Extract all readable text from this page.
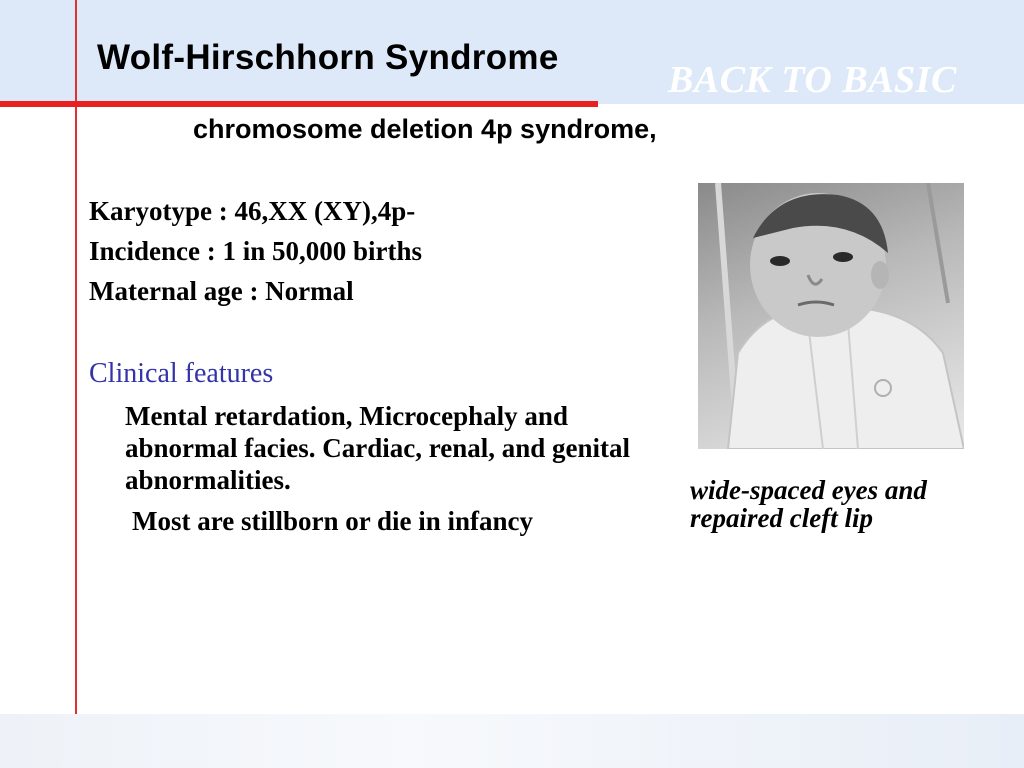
Wolf-Hirschhorn Syndrome
BACK TO BASIC
chromosome deletion 4p syndrome,
Karyotype : 46,XX (XY),4p-
Incidence : 1 in 50,000 births
Maternal age : Normal
Clinical features
Mental retardation, Microcephaly and abnormal facies. Cardiac, renal, and genital abnormalities.
Most are stillborn or die in infancy
wide-spaced eyes and repaired cleft lip
